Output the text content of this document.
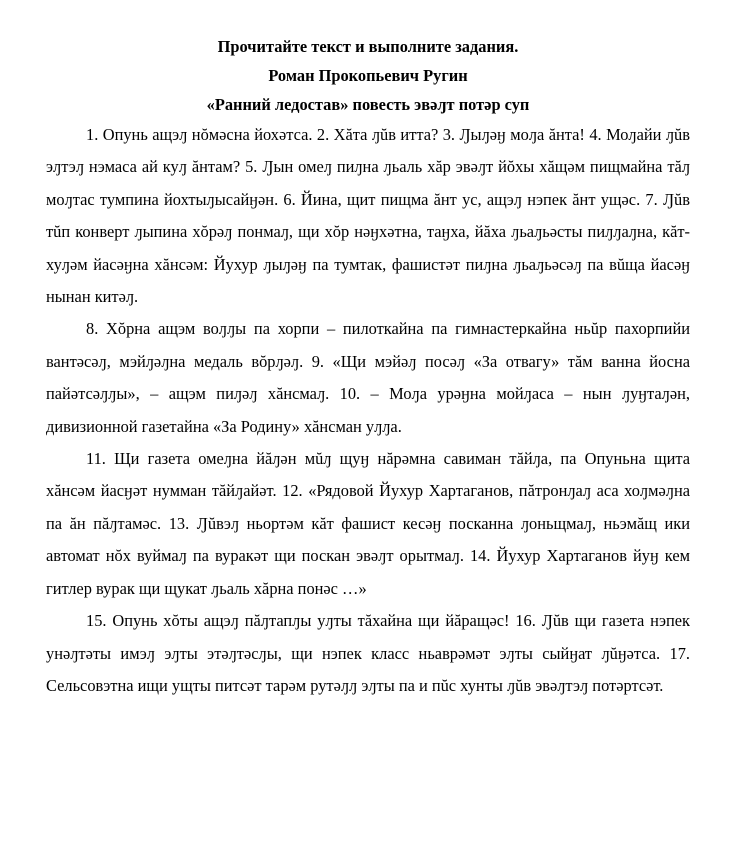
Прочитайте текст и выполните задания.

Роман Прокопьевич Ругин

«Ранний ледостав» повесть эвәԓт потәр суп

1. Опунь ащэԓ нŏмәсна йохәтса. 2. Хăта ԓŭв итта? 3. Ԓыԓәӈ моԓа ăнта! 4. Моԓайи ԓŭв эԓтэԓ нэмаса ай куԓ ăнтам? 5. Ԓын омеԓ пиԓна ԓьаль хăр эвәԓт йŏхы хăщәм пищмайна тăԓ моԓтас тумпина йохтыԓысайӈән. 6. Йина, щит пищма ăнт ус, ащэԓ нэпек ăнт ущәс. 7. Ԓŭв тŭп конверт ԓыпина хŏрәԓ понмаԓ, щи хŏр нәӈхәтна, таӈха, йăха ԓьаԓьәсты пиԓԓаԓна, кăт-хуԓәм йасәӈна хăнсәм: Йухур ԓыԓәӈ па тумтак, фашистәт пиԓна ԓьаԓьәсәԓ па вŭща йасәӈ нынан китәԓ.

8. Хŏрна ащэм воԓԓы па хорпи – пилоткайна па гимнастеркайна ньŭр пахорпийи вантәсәԓ, мэйԓәԓна медаль вŏрԓәԓ. 9. «Щи мэйәԓ посәԓ «За отвагу» тăм ванна йосна пайәтсәԓԓы», – ащэм пиԓәԓ хăнсмаԓ. 10. – Моԓа урәӈна мойԓаса – нын ԓуӈтаԓән, дивизионной газетайна «За Родину» хăнсман уԓԓа.

11. Щи газета омеԓна йăԓән мŭԓ щуӈ нăрәмна савиман тăйԓа, па Опуньна щита хăнсәм йасӈәт нумман тăйԓайәт. 12. «Рядовой Йухур Хартаганов, пăтронԓаԓ аса хоԓмәԓна па ăн пăԓтамәс. 13. Ԓŭвэԓ ньортәм кăт фашист кесәӈ посканна ԓоньщмаԓ, ньэмăщ ики автомат нŏх вуймаԓ па вуракәт щи поскан эвәԓт орытмаԓ. 14. Йухур Хартаганов йуӈ кем гитлер вурак щи щукат ԓьаль хăрна понәс …»

15. Опунь хŏты ащэԓ пăԓтапԓы уԓты тăхайна щи йăращәс! 16. Ԓŭв щи газета нэпек унәԓтәты имэԓ эԓты этәԓтәсԓы, щи нэпек класс ньаврәмәт эԓты сыйӈат ԓŭӈәтса. 17. Сельсовэтна ищи ущты питсәт тарәм рутәԓԓ эԓты па и пŭс хунты ԓŭв эвәԓтэԓ потәртсәт.
